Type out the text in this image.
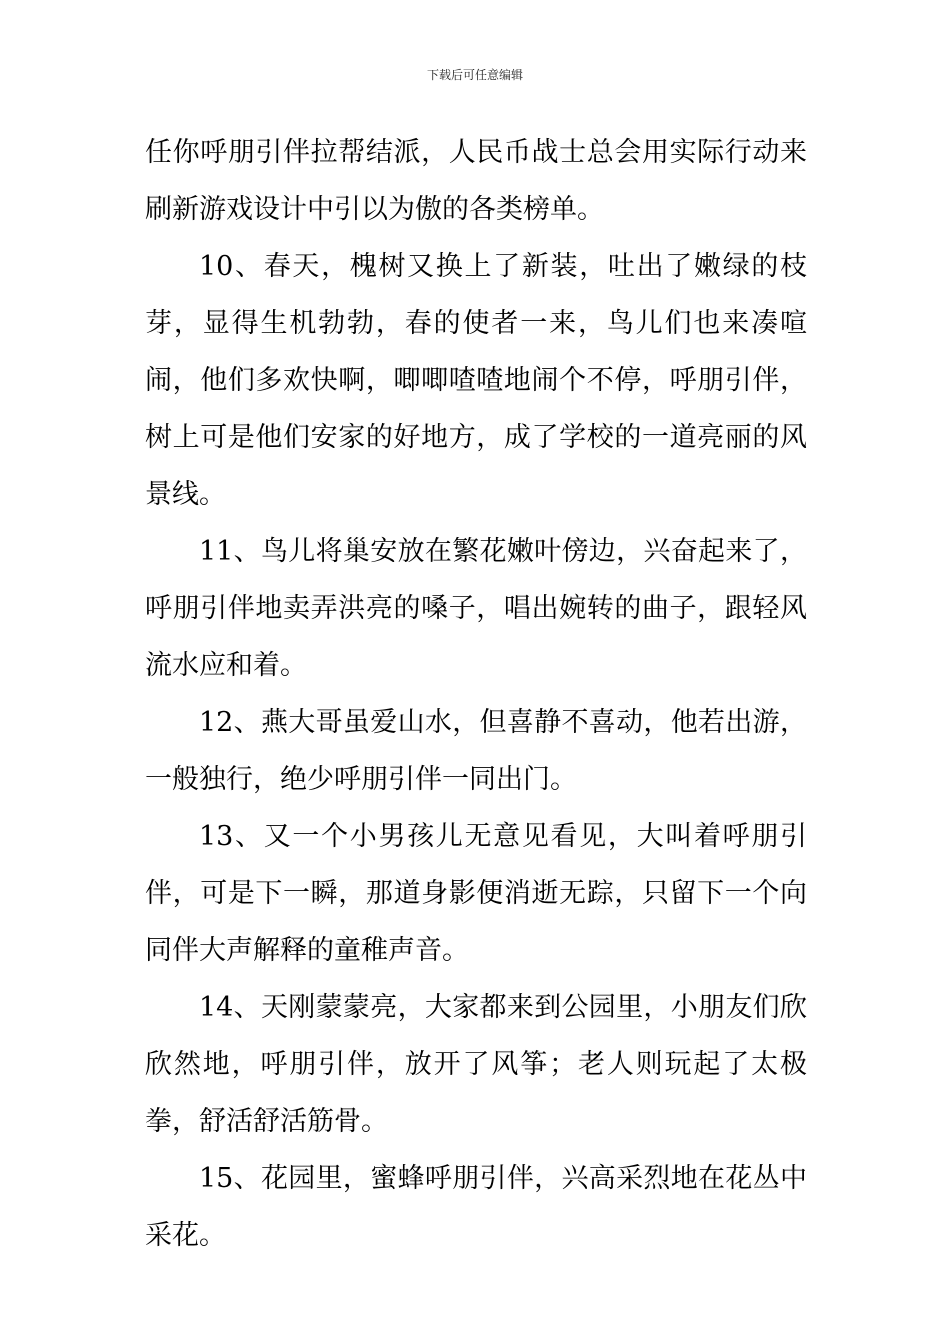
下载后可任意编辑

任你呼朋引伴拉帮结派，人民币战士总会用实际行动来刷新游戏设计中引以为傲的各类榜单。

10、春天，槐树又换上了新装，吐出了嫩绿的枝芽，显得生机勃勃，春的使者一来，鸟儿们也来凑喧闹，他们多欢快啊，唧唧喳喳地闹个不停，呼朋引伴，树上可是他们安家的好地方，成了学校的一道亮丽的风景线。

11、鸟儿将巢安放在繁花嫩叶傍边，兴奋起来了，呼朋引伴地卖弄洪亮的嗓子，唱出婉转的曲子，跟轻风流水应和着。

12、燕大哥虽爱山水，但喜静不喜动，他若出游，一般独行，绝少呼朋引伴一同出门。

13、又一个小男孩儿无意见看见，大叫着呼朋引伴，可是下一瞬，那道身影便消逝无踪，只留下一个向同伴大声解释的童稚声音。

14、天刚蒙蒙亮，大家都来到公园里，小朋友们欣欣然地，呼朋引伴，放开了风筝；老人则玩起了太极拳，舒活舒活筋骨。

15、花园里，蜜蜂呼朋引伴，兴高采烈地在花丛中采花。
